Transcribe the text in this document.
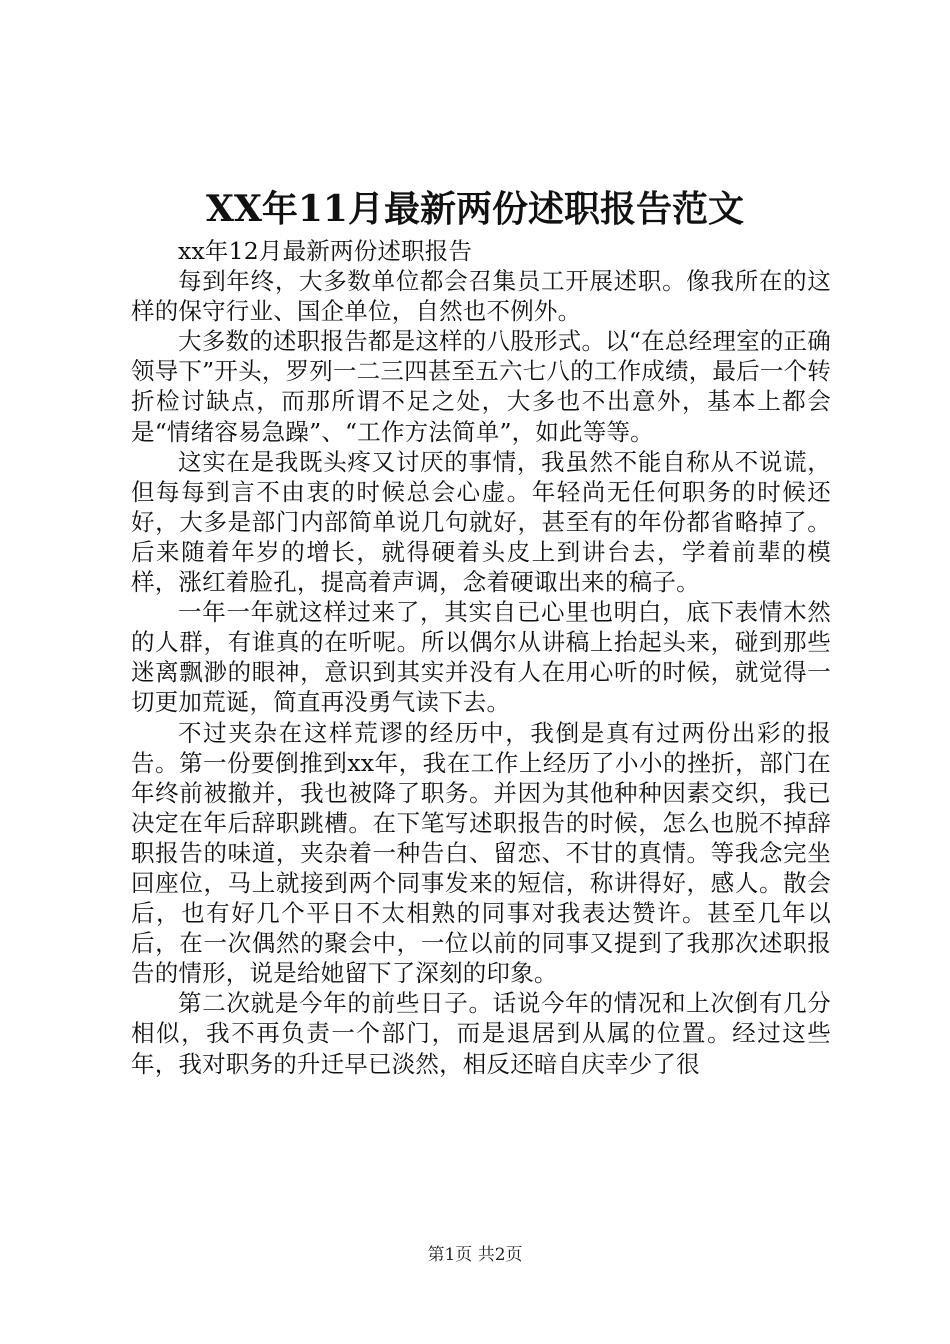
XX年11月最新两份述职报告范文

xx年12月最新两份述职报告

每到年终，大多数单位都会召集员工开展述职。像我所在的这样的保守行业、国企单位，自然也不例外。

大多数的述职报告都是这样的八股形式。以“在总经理室的正确领导下”开头，罗列一二三四甚至五六七八的工作成绩，最后一个转折检讨缺点，而那所谓不足之处，大多也不出意外，基本上都会是“情绪容易急躁”、“工作方法简单”，如此等等。

这实在是我既头疼又讨厌的事情，我虽然不能自称从不说谎，但每每到言不由衷的时候总会心虚。年轻尚无任何职务的时候还好，大多是部门内部简单说几句就好，甚至有的年份都省略掉了。后来随着年岁的增长，就得硬着头皮上到讲台去，学着前辈的模样，涨红着脸孔，提高着声调，念着硬诹出来的稿子。

一年一年就这样过来了，其实自已心里也明白，底下表情木然的人群，有谁真的在听呢。所以偶尔从讲稿上抬起头来，碰到那些迷离飘渺的眼神，意识到其实并没有人在用心听的时候，就觉得一切更加荒诞，简直再没勇气读下去。

不过夹杂在这样荒谬的经历中，我倒是真有过两份出彩的报告。第一份要倒推到xx年，我在工作上经历了小小的挫折，部门在年终前被撤并，我也被降了职务。并因为其他种种因素交织，我已决定在年后辞职跳槽。在下笔写述职报告的时候，怎么也脱不掉辞职报告的味道，夹杂着一种告白、留恋、不甘的真情。等我念完坐回座位，马上就接到两个同事发来的短信，称讲得好，感人。散会后，也有好几个平日不太相熟的同事对我表达赞许。甚至几年以后，在一次偶然的聚会中，一位以前的同事又提到了我那次述职报告的情形，说是给她留下了深刻的印象。

第二次就是今年的前些日子。话说今年的情况和上次倒有几分相似，我不再负责一个部门，而是退居到从属的位置。经过这些年，我对职务的升迁早已淡然，相反还暗自庆幸少了很

第1页 共2页
